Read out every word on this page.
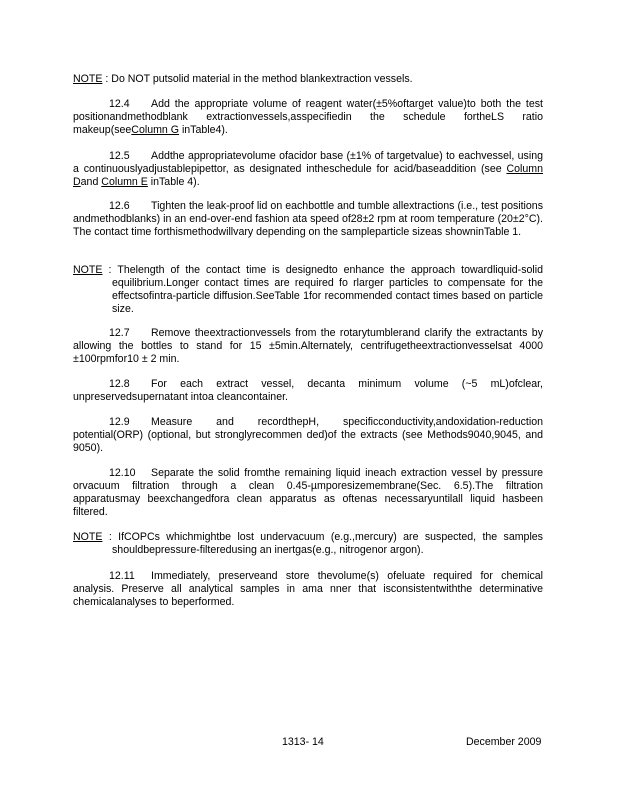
NOTE : Do NOT putsolid material in the method blankextraction vessels.

12.4 Add the appropriate volume of reagent water(±5%oftarget value)to both the test positionandmethodblank extractionvessels,asspecifiedin the schedule fortheLS ratio makeup(seeColumn G inTable4).

12.5 Addthe appropriatevolume ofacidor base (±1% of targetvalue) to eachvessel, using a continuouslyadjustablepipettor, as designated intheschedule for acid/baseaddition (see Column Dand Column E inTable 4).

12.6 Tighten the leak-proof lid on eachbottle and tumble allextractions (i.e., test positions andmethodblanks) in an end-over-end fashion ata speed of28±2 rpm at room temperature (20±2°C). The contact time forthismethodwillvary depending on the sampleparticle sizeas showninTable 1.

NOTE : Thelength of the contact time is designedto enhance the approach towardliquid-solid equilibrium.Longer contact times are required fo rlarger particles to compensate for the effectsofintra-particle diffusion.SeeTable 1for recommended contact times based on particle size.

12.7 Remove theextractionvessels from the rotarytumblerand clarify the extractants by allowing the bottles to stand for 15 ±5min.Alternately, centrifugetheextractionvesselsat 4000 ±100rpmfor10 ± 2 min.

12.8 For each extract vessel, decanta minimum volume (~5 mL)ofclear, unpreservedsupernatant intoa cleancontainer.

12.9 Measure and recordthepH, specificconductivity,andoxidation-reduction potential(ORP) (optional, but stronglyrecommen ded)of the extracts (see Methods9040,9045, and 9050).

12.10 Separate the solid fromthe remaining liquid ineach extraction vessel by pressure orvacuum filtration through a clean 0.45-µmporesizemembrane(Sec. 6.5).The filtration apparatusmay beexchangedfora clean apparatus as oftenas necessaryuntilall liquid hasbeen filtered.

NOTE : IfCOPCs whichmightbe lost undervacuum (e.g.,mercury) are suspected, the samples shouldbepressure-filteredusing an inertgas(e.g., nitrogenor argon).

12.11 Immediately, preserveand store thevolume(s) ofeluate required for chemical analysis. Preserve all analytical samples in ama nner that isconsistentwiththe determinative chemicalanalyses to beperformed.

1313- 14	December 2009
